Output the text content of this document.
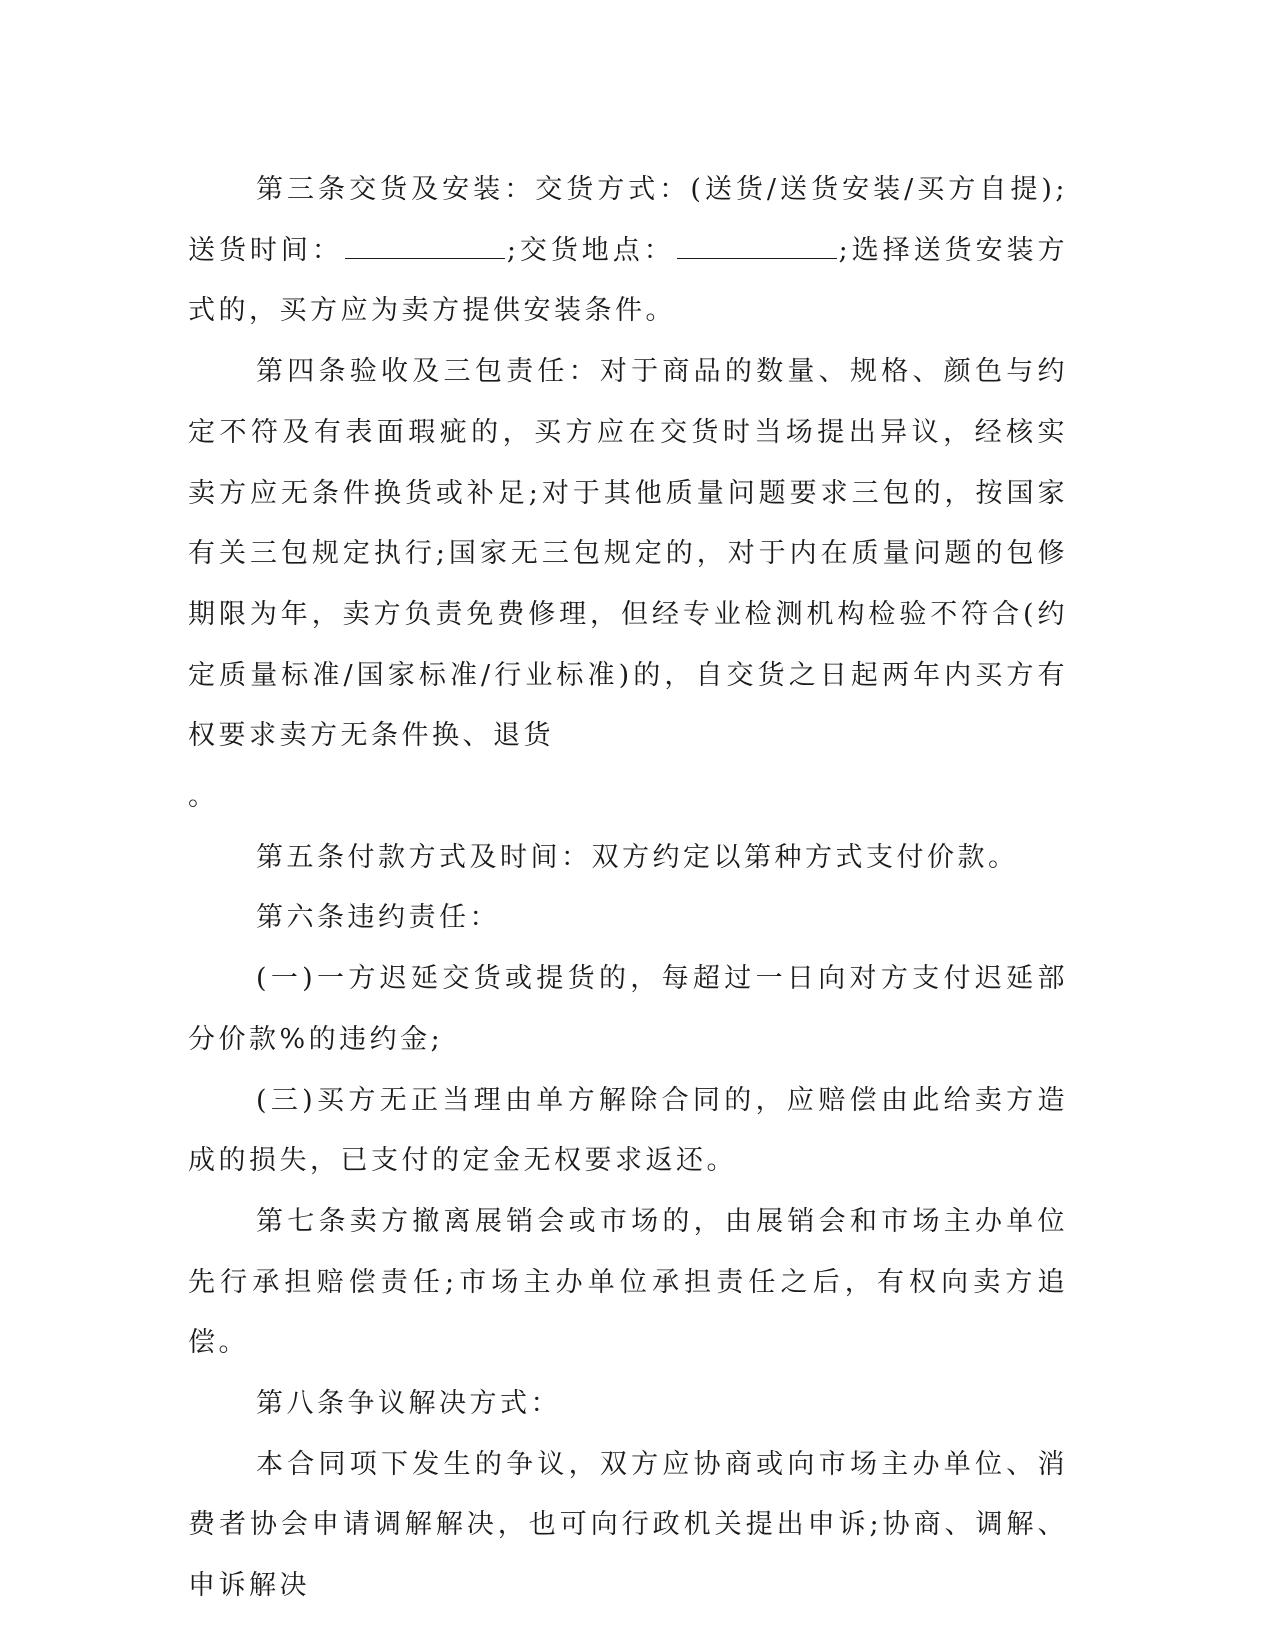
第三条交货及安装：交货方式：(送货/送货安装/买方自提);送货时间：	;交货地点：	;选择送货安装方式的，买方应为卖方提供安装条件。

第四条验收及三包责任：对于商品的数量、规格、颜色与约定不符及有表面瑕疵的，买方应在交货时当场提出异议，经核实卖方应无条件换货或补足;对于其他质量问题要求三包的，按国家有关三包规定执行;国家无三包规定的，对于内在质量问题的包修期限为年，卖方负责免费修理，但经专业检测机构检验不符合(约定质量标准/国家标准/行业标准)的，自交货之日起两年内买方有权要求卖方无条件换、退货

。

第五条付款方式及时间：双方约定以第种方式支付价款。

第六条违约责任：

(一)一方迟延交货或提货的，每超过一日向对方支付迟延部分价款%的违约金;

(三)买方无正当理由单方解除合同的，应赔偿由此给卖方造成的损失，已支付的定金无权要求返还。

第七条卖方撤离展销会或市场的，由展销会和市场主办单位先行承担赔偿责任;市场主办单位承担责任之后，有权向卖方追偿。

第八条争议解决方式：

本合同项下发生的争议，双方应协商或向市场主办单位、消费者协会申请调解解决，也可向行政机关提出申诉;协商、调解、申诉解决
